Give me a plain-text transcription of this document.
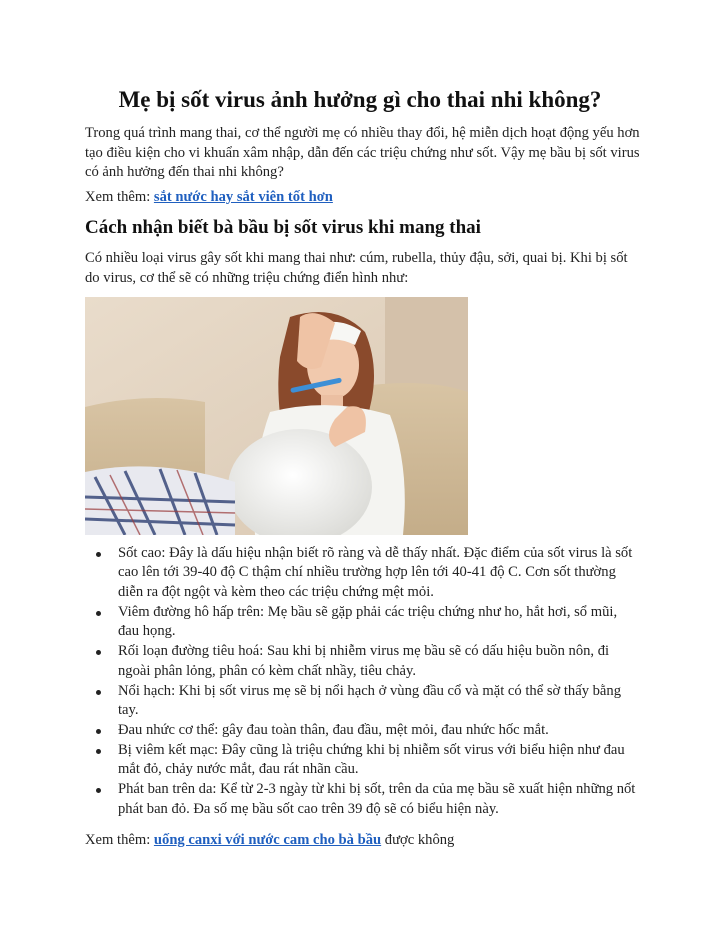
Mẹ bị sốt virus ảnh hưởng gì cho thai nhi không?

Trong quá trình mang thai, cơ thể người mẹ có nhiều thay đổi, hệ miễn dịch hoạt động yếu hơn tạo điều kiện cho vi khuẩn xâm nhập, dẫn đến các triệu chứng như sốt. Vậy mẹ bầu bị sốt virus có ảnh hưởng đến thai nhi không?

Xem thêm: sắt nước hay sắt viên tốt hơn

Cách nhận biết bà bầu bị sốt virus khi mang thai

Có nhiều loại virus gây sốt khi mang thai như: cúm, rubella, thủy đậu, sởi, quai bị. Khi bị sốt do virus, cơ thể sẽ có những triệu chứng điển hình như:

Sốt cao: Đây là dấu hiệu nhận biết rõ ràng và dễ thấy nhất. Đặc điểm của sốt virus là sốt cao lên tới 39-40 độ C thậm chí nhiều trường hợp lên tới 40-41 độ C. Cơn sốt thường diễn ra đột ngột và kèm theo các triệu chứng mệt mỏi.
Viêm đường hô hấp trên: Mẹ bầu sẽ gặp phải các triệu chứng như ho, hắt hơi, sổ mũi, đau họng.
Rối loạn đường tiêu hoá: Sau khi bị nhiễm virus mẹ bầu sẽ có dấu hiệu buồn nôn, đi ngoài phân lỏng, phân có kèm chất nhầy, tiêu chảy.
Nổi hạch: Khi bị sốt virus mẹ sẽ bị nổi hạch ở vùng đầu cổ và mặt có thể sờ thấy bằng tay.
Đau nhức cơ thể: gây đau toàn thân, đau đầu, mệt mỏi, đau nhức hốc mắt.
Bị viêm kết mạc: Đây cũng là triệu chứng khi bị nhiễm sốt virus với biểu hiện như đau mắt đỏ, chảy nước mắt, đau rát nhãn cầu.
Phát ban trên da: Kể từ 2-3 ngày từ khi bị sốt, trên da của mẹ bầu sẽ xuất hiện những nốt phát ban đỏ. Đa số mẹ bầu sốt cao trên 39 độ sẽ có biểu hiện này.

Xem thêm: uống canxi với nước cam cho bà bầu được không
